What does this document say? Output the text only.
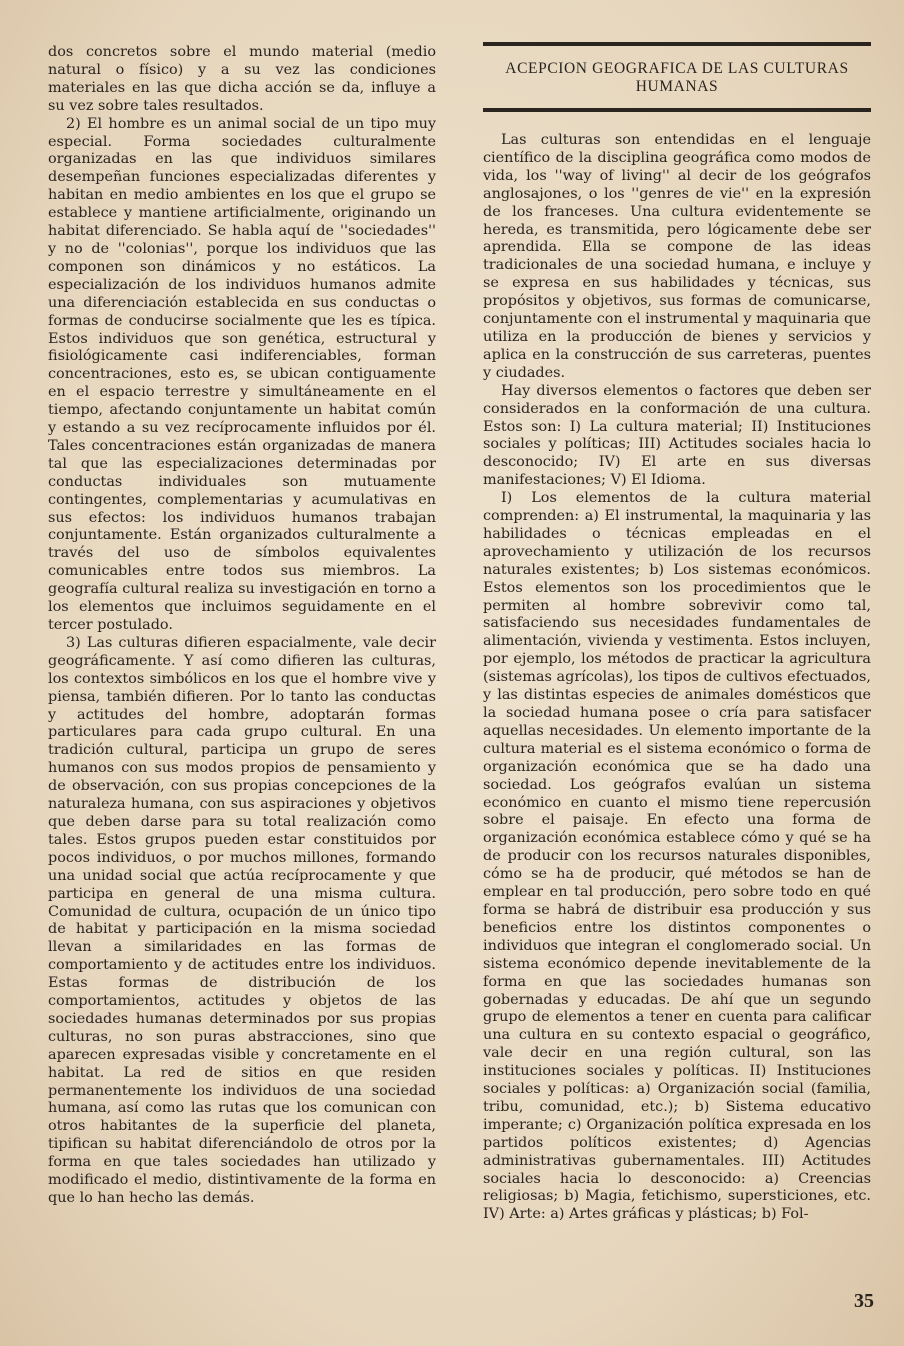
dos concretos sobre el mundo material (medio natural o físico) y a su vez las condiciones materiales en las que dicha acción se da, influye a su vez sobre tales resultados.

2) El hombre es un animal social de un tipo muy especial. Forma sociedades culturalmente organizadas en las que individuos similares desempeñan funciones especializadas diferentes y habitan en medio ambientes en los que el grupo se establece y mantiene artificialmente, originando un habitat diferenciado. Se habla aquí de ''sociedades'' y no de ''colonias'', porque los individuos que las componen son dinámicos y no estáticos. La especialización de los individuos humanos admite una diferenciación establecida en sus conductas o formas de conducirse socialmente que les es típica. Estos individuos que son genética, estructural y fisiológicamente casi indiferenciables, forman concentraciones, esto es, se ubican contiguamente en el espacio terrestre y simultáneamente en el tiempo, afectando conjuntamente un habitat común y estando a su vez recíprocamente influidos por él. Tales concentraciones están organizadas de manera tal que las especializaciones determinadas por conductas individuales son mutuamente contingentes, complementarias y acumulativas en sus efectos: los individuos humanos trabajan conjuntamente. Están organizados culturalmente a través del uso de símbolos equivalentes comunicables entre todos sus miembros. La geografía cultural realiza su investigación en torno a los elementos que incluimos seguidamente en el tercer postulado.

3) Las culturas difieren espacialmente, vale decir geográficamente. Y así como difieren las culturas, los contextos simbólicos en los que el hombre vive y piensa, también difieren. Por lo tanto las conductas y actitudes del hombre, adoptarán formas particulares para cada grupo cultural. En una tradición cultural, participa un grupo de seres humanos con sus modos propios de pensamiento y de observación, con sus propias concepciones de la naturaleza humana, con sus aspiraciones y objetivos que deben darse para su total realización como tales. Estos grupos pueden estar constituidos por pocos individuos, o por muchos millones, formando una unidad social que actúa recíprocamente y que participa en general de una misma cultura. Comunidad de cultura, ocupación de un único tipo de habitat y participación en la misma sociedad llevan a similaridades en las formas de comportamiento y de actitudes entre los individuos. Estas formas de distribución de los comportamientos, actitudes y objetos de las sociedades humanas determinados por sus propias culturas, no son puras abstracciones, sino que aparecen expresadas visible y concretamente en el habitat. La red de sitios en que residen permanentemente los individuos de una sociedad humana, así como las rutas que los comunican con otros habitantes de la superficie del planeta, tipifican su habitat diferenciándolo de otros por la forma en que tales sociedades han utilizado y modificado el medio, distintivamente de la forma en que lo han hecho las demás.

ACEPCION GEOGRAFICA DE LAS CULTURAS HUMANAS

Las culturas son entendidas en el lenguaje científico de la disciplina geográfica como modos de vida, los ''way of living'' al decir de los geógrafos anglosajones, o los ''genres de vie'' en la expresión de los franceses. Una cultura evidentemente se hereda, es transmitida, pero lógicamente debe ser aprendida. Ella se compone de las ideas tradicionales de una sociedad humana, e incluye y se expresa en sus habilidades y técnicas, sus propósitos y objetivos, sus formas de comunicarse, conjuntamente con el instrumental y maquinaria que utiliza en la producción de bienes y servicios y aplica en la construcción de sus carreteras, puentes y ciudades.

Hay diversos elementos o factores que deben ser considerados en la conformación de una cultura. Estos son: I) La cultura material; II) Instituciones sociales y políticas; III) Actitudes sociales hacia lo desconocido; IV) El arte en sus diversas manifestaciones; V) El Idioma.

I) Los elementos de la cultura material comprenden: a) El instrumental, la maquinaria y las habilidades o técnicas empleadas en el aprovechamiento y utilización de los recursos naturales existentes; b) Los sistemas económicos. Estos elementos son los procedimientos que le permiten al hombre sobrevivir como tal, satisfaciendo sus necesidades fundamentales de alimentación, vivienda y vestimenta. Estos incluyen, por ejemplo, los métodos de practicar la agricultura (sistemas agrícolas), los tipos de cultivos efectuados, y las distintas especies de animales domésticos que la sociedad humana posee o cría para satisfacer aquellas necesidades. Un elemento importante de la cultura material es el sistema económico o forma de organización económica que se ha dado una sociedad. Los geógrafos evalúan un sistema económico en cuanto el mismo tiene repercusión sobre el paisaje. En efecto una forma de organización económica establece cómo y qué se ha de producir con los recursos naturales disponibles, cómo se ha de producir, qué métodos se han de emplear en tal producción, pero sobre todo en qué forma se habrá de distribuir esa producción y sus beneficios entre los distintos componentes o individuos que integran el conglomerado social. Un sistema económico depende inevitablemente de la forma en que las sociedades humanas son gobernadas y educadas. De ahí que un segundo grupo de elementos a tener en cuenta para calificar una cultura en su contexto espacial o geográfico, vale decir en una región cultural, son las instituciones sociales y políticas. II) Instituciones sociales y políticas: a) Organización social (familia, tribu, comunidad, etc.); b) Sistema educativo imperante; c) Organización política expresada en los partidos políticos existentes; d) Agencias administrativas gubernamentales. III) Actitudes sociales hacia lo desconocido: a) Creencias religiosas; b) Magia, fetichismo, supersticiones, etc. IV) Arte: a) Artes gráficas y plásticas; b) Fol-

35
